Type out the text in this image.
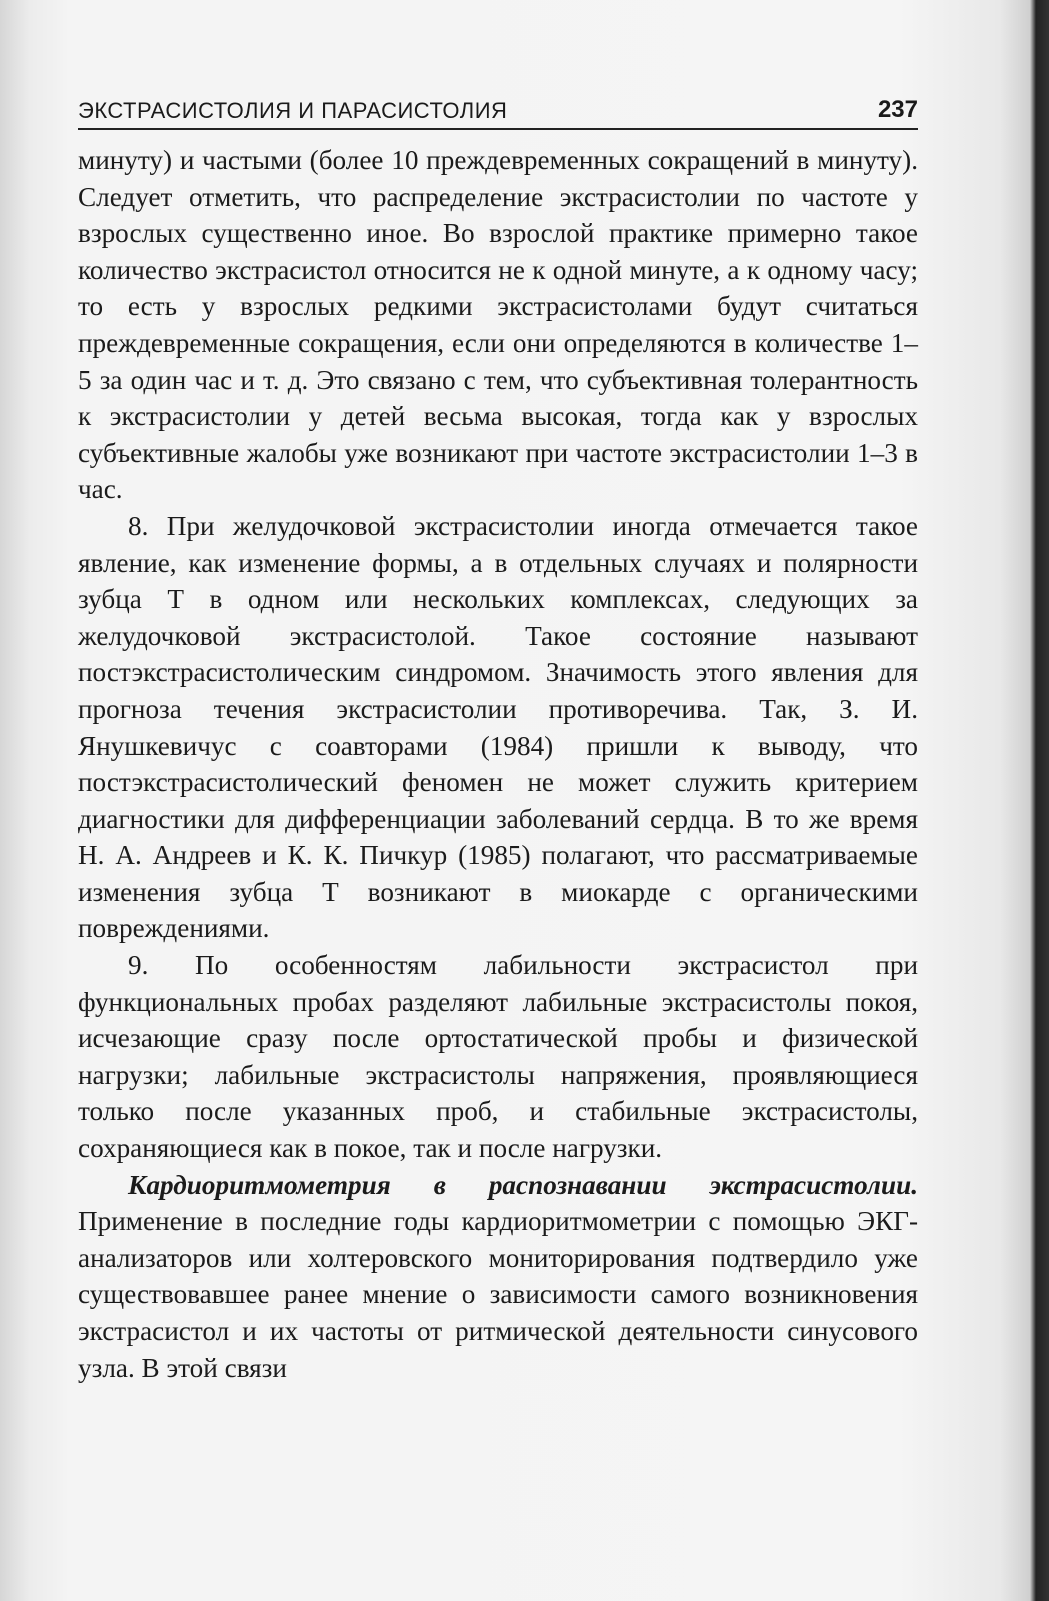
ЭКСТРАСИСТОЛИЯ И ПАРАСИСТОЛИЯ	237

минуту) и частыми (более 10 преждевременных сокращений в минуту). Следует отметить, что распределение экстрасистолии по частоте у взрослых существенно иное. Во взрослой практике примерно такое количество экстрасистол относится не к одной минуте, а к одному часу; то есть у взрослых редкими экстрасистолами будут считаться преждевременные сокращения, если они определяются в количестве 1–5 за один час и т. д. Это связано с тем, что субъективная толерантность к экстрасистолии у детей весьма высокая, тогда как у взрослых субъективные жалобы уже возникают при частоте экстрасистолии 1–3 в час.

8. При желудочковой экстрасистолии иногда отмечается такое явление, как изменение формы, а в отдельных случаях и полярности зубца Т в одном или нескольких комплексах, следующих за желудочковой экстрасистолой. Такое состояние называют постэкстрасистолическим синдромом. Значимость этого явления для прогноза течения экстрасистолии противоречива. Так, З. И. Янушкевичус с соавторами (1984) пришли к выводу, что постэкстрасистолический феномен не может служить критерием диагностики для дифференциации заболеваний сердца. В то же время Н. А. Андреев и К. К. Пичкур (1985) полагают, что рассматриваемые изменения зубца Т возникают в миокарде с органическими повреждениями.

9. По особенностям лабильности экстрасистол при функциональных пробах разделяют лабильные экстрасистолы покоя, исчезающие сразу после ортостатической пробы и физической нагрузки; лабильные экстрасистолы напряжения, проявляющиеся только после указанных проб, и стабильные экстрасистолы, сохраняющиеся как в покое, так и после нагрузки.

Кардиоритмометрия в распознавании экстрасистолии. Применение в последние годы кардиоритмометрии с помощью ЭКГ-анализаторов или холтеровского мониторирования подтвердило уже существовавшее ранее мнение о зависимости самого возникновения экстрасистол и их частоты от ритмической деятельности синусового узла. В этой связи
